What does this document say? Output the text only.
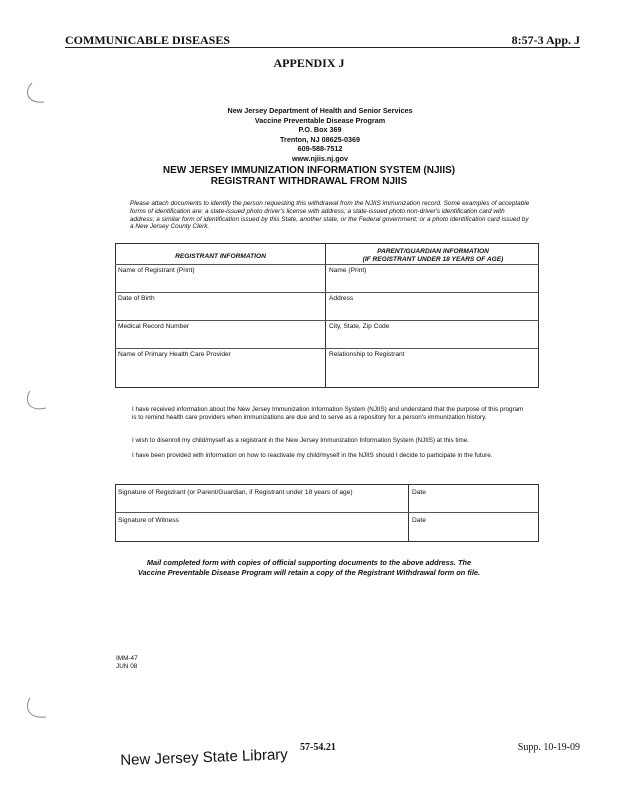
COMMUNICABLE DISEASES	8:57-3 App. J
APPENDIX J
New Jersey Department of Health and Senior Services
Vaccine Preventable Disease Program
P.O. Box 369
Trenton, NJ 08625-0369
609-588-7512
www.njiis.nj.gov
NEW JERSEY IMMUNIZATION INFORMATION SYSTEM (NJIIS)
REGISTRANT WITHDRAWAL FROM NJIIS
Please attach documents to identify the person requesting this withdrawal from the NJIIS immunization record. Some examples of acceptable forms of identification are: a state-issued photo driver's license with address; a state-issued photo non-driver's identification card with address; a similar form of identification issued by this State, another state, or the Federal government; or a photo identification card issued by a New Jersey County Clerk.
REGISTRANT INFORMATION
PARENT/GUARDIAN INFORMATION
(IF REGISTRANT UNDER 18 YEARS OF AGE)
Name of Registrant (Print)	Name (Print)
Date of Birth	Address
Medical Record Number	City, State, Zip Code
Name of Primary Health Care Provider	Relationship to Registrant
I have received information about the New Jersey Immunization Information System (NJIIS) and understand that the purpose of this program is to remind health care providers when immunizations are due and to serve as a repository for a person's immunization history.
I wish to disenroll my child/myself as a registrant in the New Jersey Immunization Information System (NJIIS) at this time.
I have been provided with information on how to reactivate my child/myself in the NJIIS should I decide to participate in the future.
Signature of Registrant (or Parent/Guardian, if Registrant under 18 years of age)	Date
Signature of Witness	Date
Mail completed form with copies of official supporting documents to the above address. The
Vaccine Preventable Disease Program will retain a copy of the Registrant Withdrawal form on file.
IMM-47
JUN 08
New Jersey State Library 57-54.21	Supp. 10-19-09
